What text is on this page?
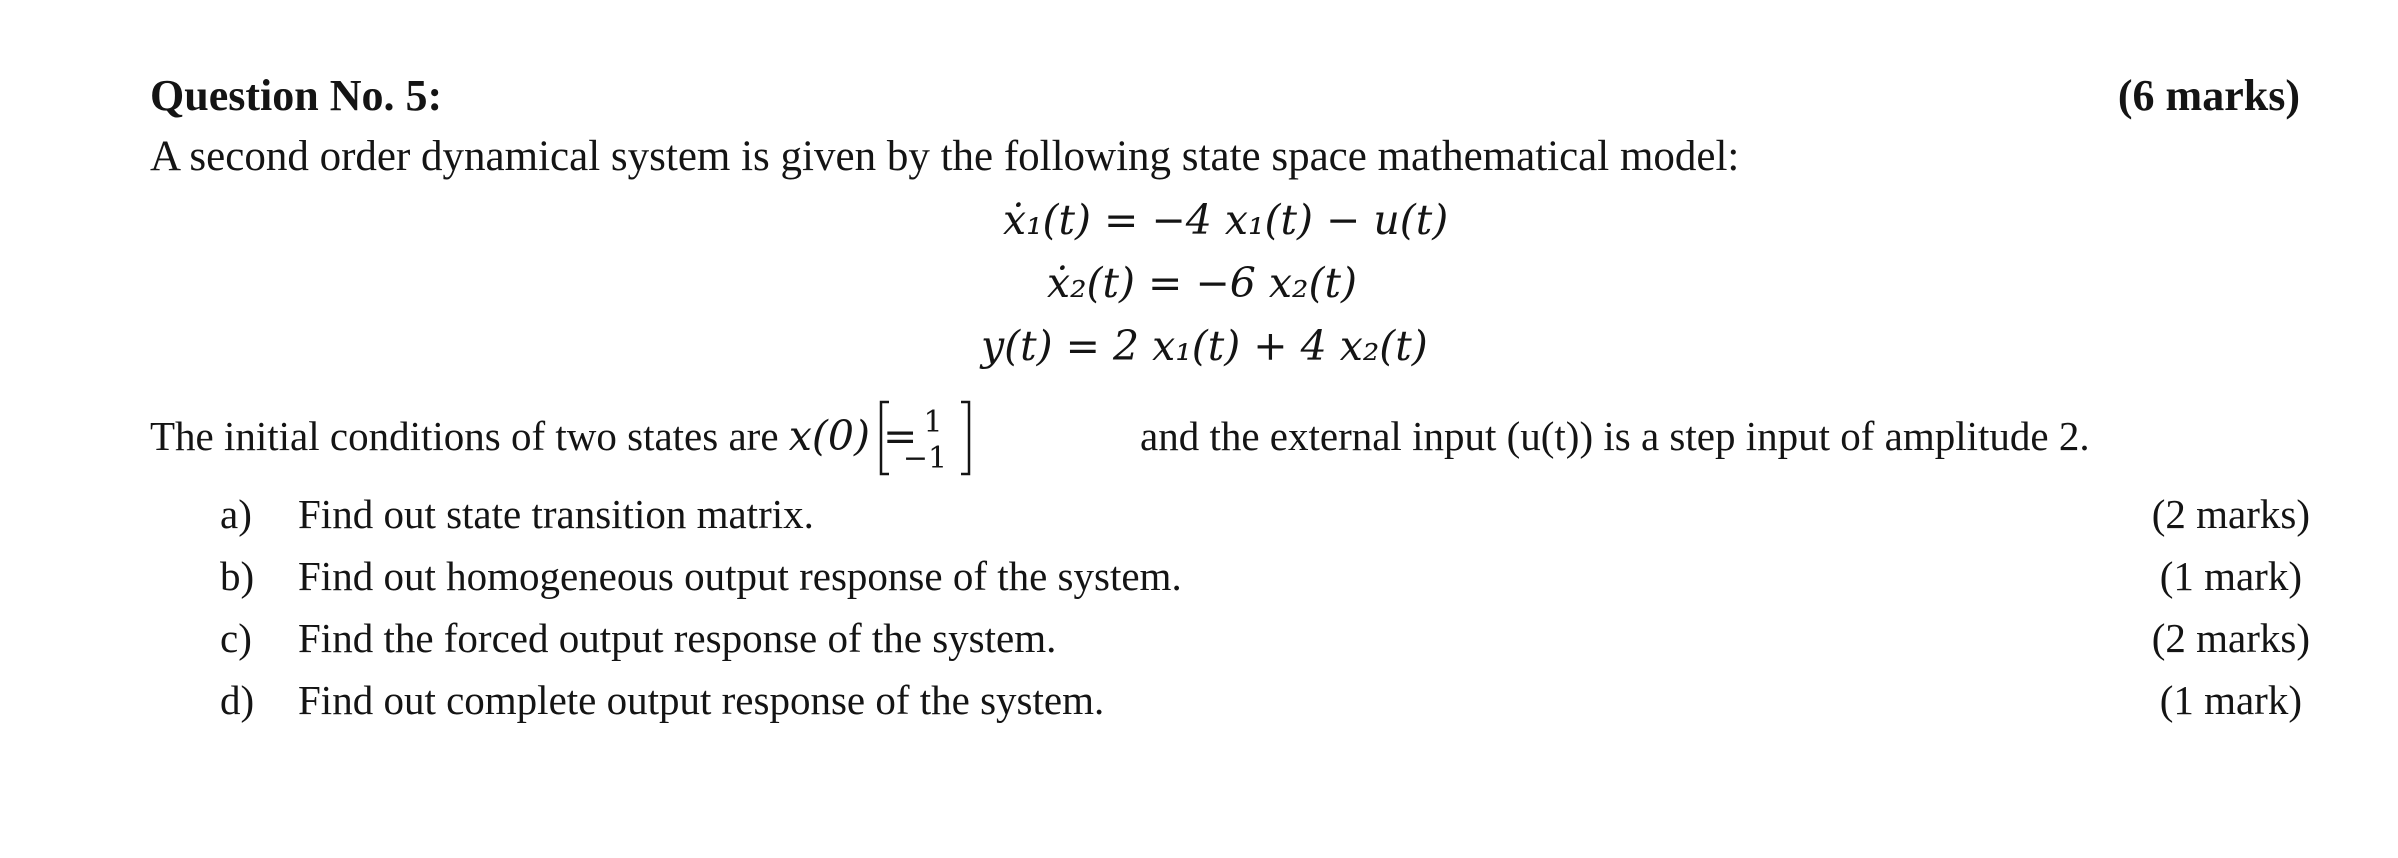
Question No. 5:	(6 marks)
A second order dynamical system is given by the following state space mathematical model:
ẋ₁(t) = −4 x₁(t) − u(t)
ẋ₂(t) = −6 x₂(t)
y(t) = 2 x₁(t) + 4 x₂(t)
The initial conditions of two states are x(0) = 1
−1	and the external input (u(t)) is a step input of amplitude 2.
a) Find out state transition matrix.	(2 marks)
b) Find out homogeneous output response of the system.	(1 mark)
c) Find the forced output response of the system.	(2 marks)
d) Find out complete output response of the system.	(1 mark)
